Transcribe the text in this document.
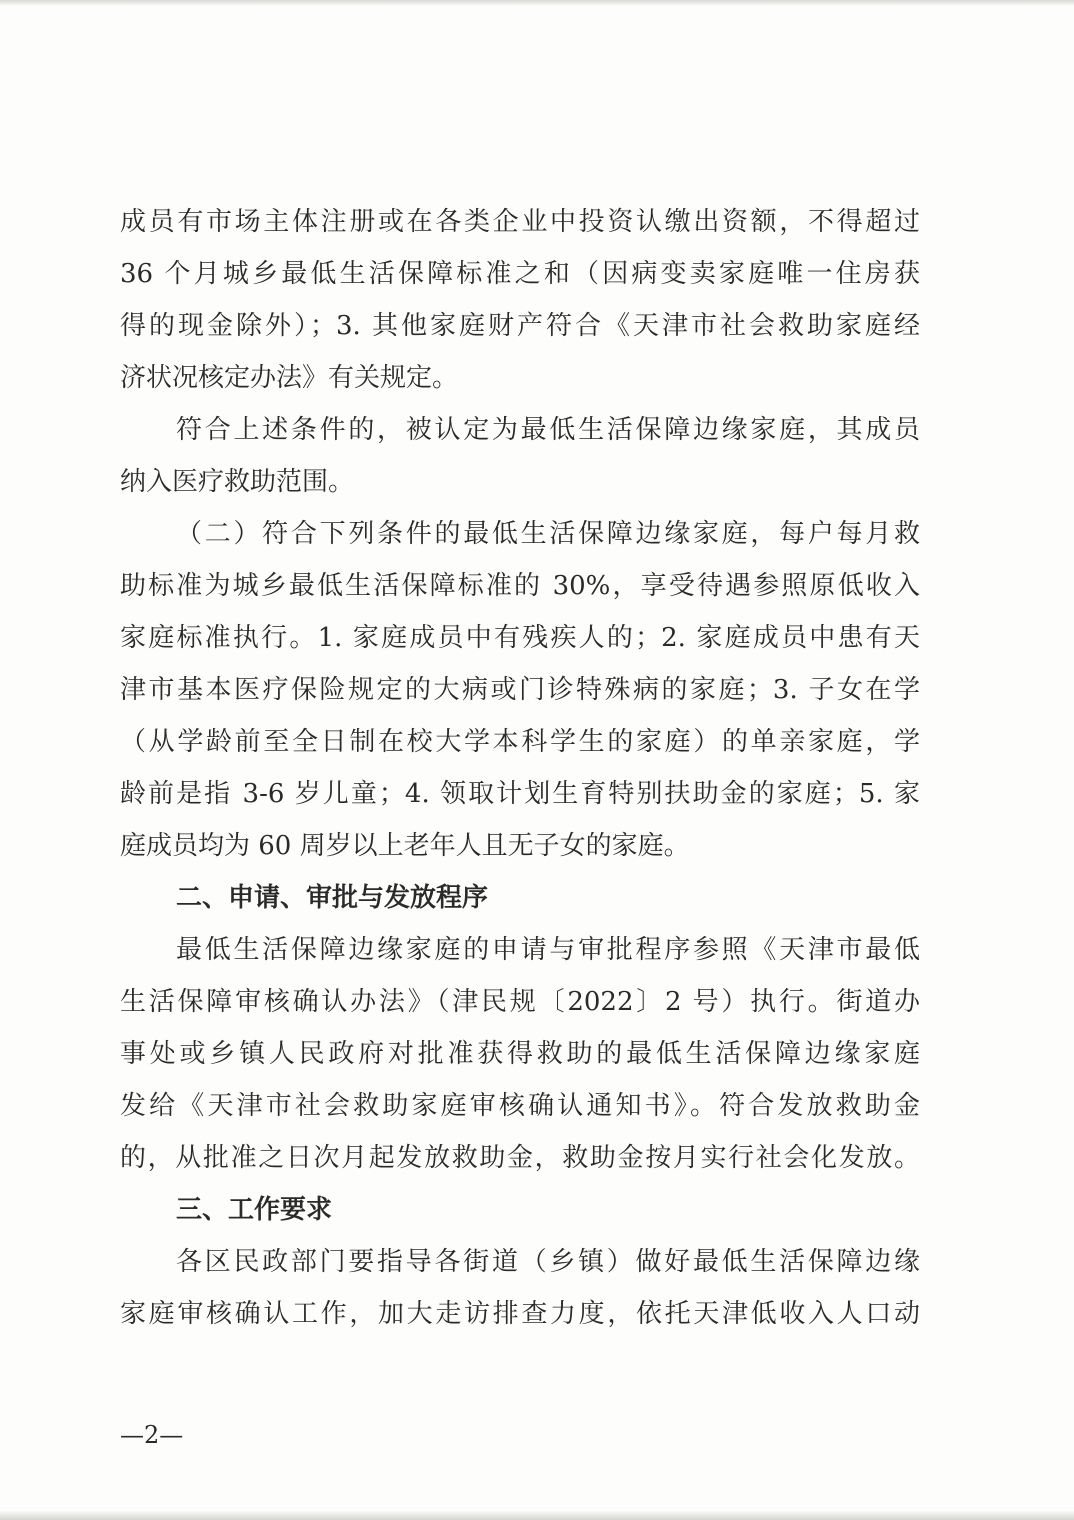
成员有市场主体注册或在各类企业中投资认缴出资额，不得超过
36 个月城乡最低生活保障标准之和（因病变卖家庭唯一住房获
得的现金除外）；3. 其他家庭财产符合《天津市社会救助家庭经
济状况核定办法》有关规定。
符合上述条件的，被认定为最低生活保障边缘家庭，其成员
纳入医疗救助范围。
（二）符合下列条件的最低生活保障边缘家庭，每户每月救
助标准为城乡最低生活保障标准的 30%，享受待遇参照原低收入
家庭标准执行。1. 家庭成员中有残疾人的；2. 家庭成员中患有天
津市基本医疗保险规定的大病或门诊特殊病的家庭；3. 子女在学
（从学龄前至全日制在校大学本科学生的家庭）的单亲家庭，学
龄前是指 3-6 岁儿童；4. 领取计划生育特别扶助金的家庭；5. 家
庭成员均为 60 周岁以上老年人且无子女的家庭。
二、申请、审批与发放程序
最低生活保障边缘家庭的申请与审批程序参照《天津市最低
生活保障审核确认办法》（津民规〔2022〕2 号）执行。街道办
事处或乡镇人民政府对批准获得救助的最低生活保障边缘家庭
发给《天津市社会救助家庭审核确认通知书》。符合发放救助金
的，从批准之日次月起发放救助金，救助金按月实行社会化发放。
三、工作要求
各区民政部门要指导各街道（乡镇）做好最低生活保障边缘
家庭审核确认工作，加大走访排查力度，依托天津低收入人口动
—2—
